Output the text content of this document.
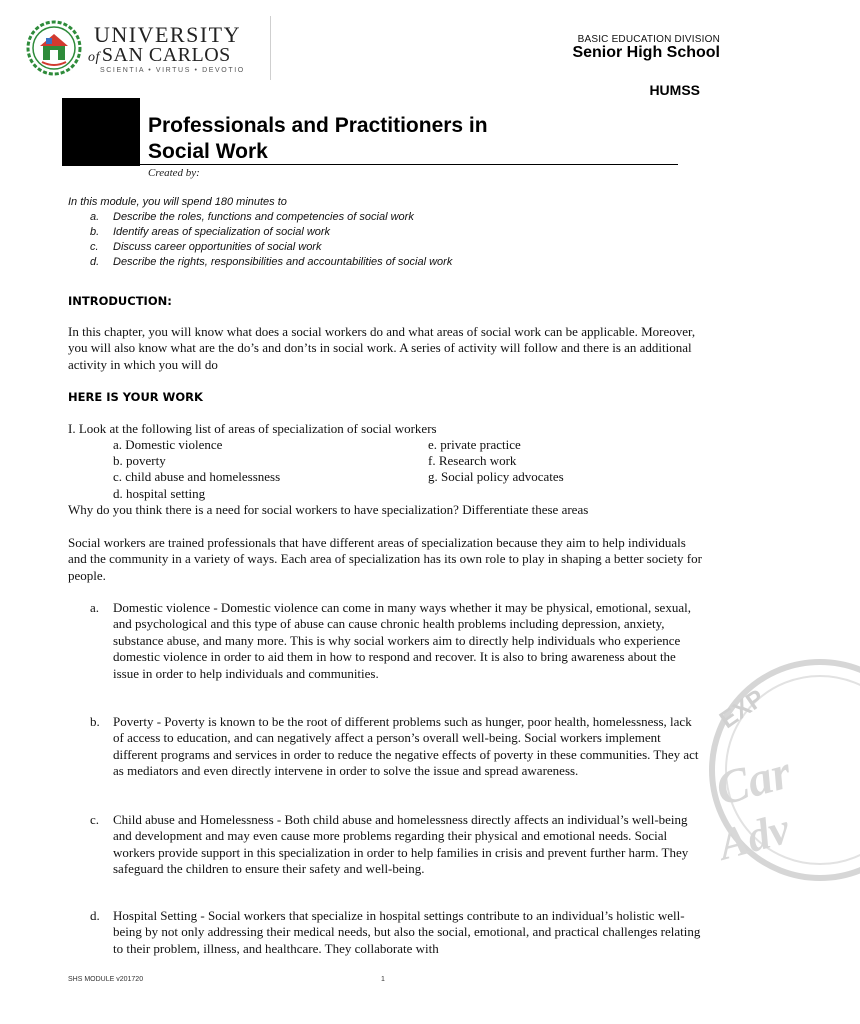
UNIVERSITY
of SAN CARLOS
SCIENTIA • VIRTUS • DEVOTIO
BASIC EDUCATION DIVISION
Senior High School
HUMSS
Professionals and Practitioners in
Social Work
Created by:
In this module, you will spend 180 minutes to
a.	Describe the roles, functions and competencies of social work
b.	Identify areas of specialization of social work
c.	Discuss career opportunities of social work
d.	Describe the rights, responsibilities and accountabilities of social work
INTRODUCTION:

In this chapter, you will know what does a social workers do and what areas of social work can be applicable. Moreover, you will also know what are the do’s and don’ts in social work. A series of activity will follow and there is an additional activity in which you will do

HERE IS YOUR WORK

I. Look at the following list of areas of specialization of social workers

a. Domestic violence
b. poverty
c. child abuse and homelessness
d. hospital setting
e. private practice
f. Research work
g. Social policy advocates

Why do you think there is a need for social workers to have specialization? Differentiate these areas

Social workers are trained professionals that have different areas of specialization because they aim to help individuals and the community in a variety of ways. Each area of specialization has its own role to play in shaping a better society for people.

a.	Domestic violence - Domestic violence can come in many ways whether it may be physical, emotional, sexual, and psychological and this type of abuse can cause chronic health problems including depression, anxiety, substance abuse, and many more. This is why social workers aim to directly help individuals who experience domestic violence in order to aid them in how to respond and recover. It is also to bring awareness about the issue in order to help individuals and communities.
b.	Poverty - Poverty is known to be the root of different problems such as hunger, poor health, homelessness, lack of access to education, and can negatively affect a person’s overall well-being. Social workers implement different programs and services in order to reduce the negative effects of poverty in these communities. They act as mediators and even directly intervene in order to solve the issue and spread awareness.
c.	Child abuse and Homelessness - Both child abuse and homelessness directly affects an individual’s well-being and development and may even cause more problems regarding their physical and emotional needs. Social workers provide support in this specialization in order to help families in crisis and prevent further harm. They safeguard the children to ensure their safety and well-being.
d.	Hospital Setting - Social workers that specialize in hospital settings contribute to an individual’s holistic well-being by not only addressing their medical needs, but also the social, emotional, and practical challenges relating to their problem, illness, and healthcare. They collaborate with
EXP
Car
Adv
SHS MODULE v201720	1
